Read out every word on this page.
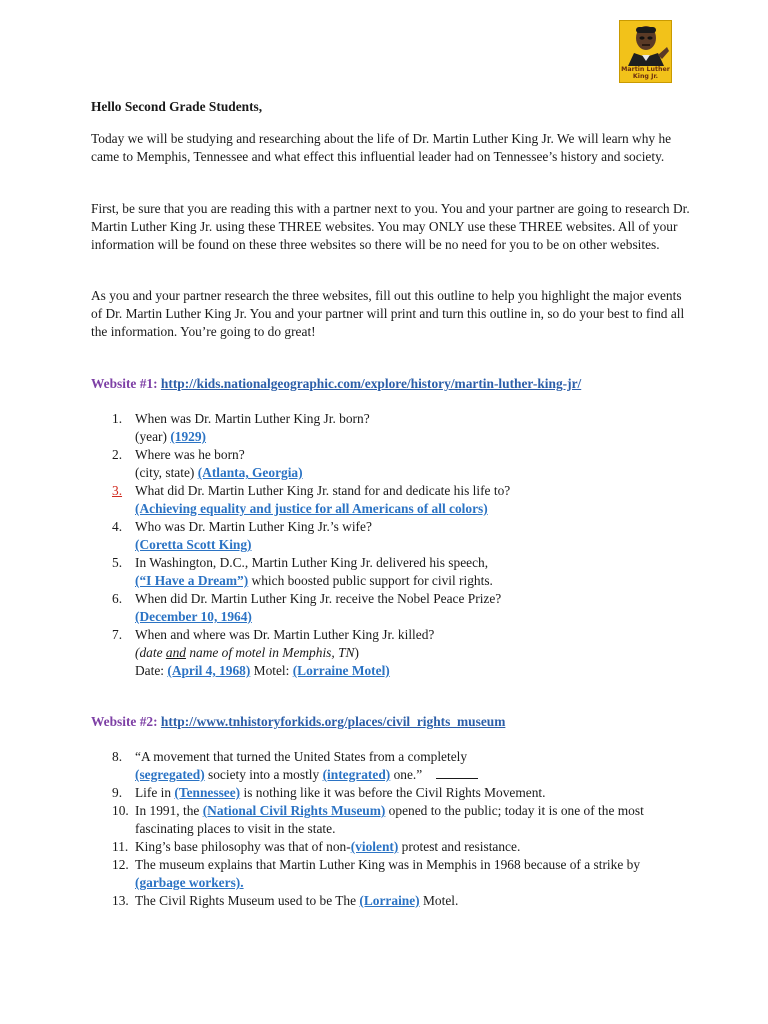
Martin Luther
King Jr.
Hello Second Grade Students,
Today we will be studying and researching about the life of Dr. Martin Luther King Jr. We will learn why he came to Memphis, Tennessee and what effect this influential leader had on Tennessee’s history and society.
First, be sure that you are reading this with a partner next to you. You and your partner are going to research Dr. Martin Luther King Jr. using these THREE websites. You may ONLY use these THREE websites. All of your information will be found on these three websites so there will be no need for you to be on other websites.
As you and your partner research the three websites, fill out this outline to help you highlight the major events of Dr. Martin Luther King Jr. You and your partner will print and turn this outline in, so do your best to find all the information. You’re going to do great!
Website #1: http://kids.nationalgeographic.com/explore/history/martin-luther-king-jr/
1. When was Dr. Martin Luther King Jr. born?
(year) (1929)
2. Where was he born?
(city, state) (Atlanta, Georgia)
3. What did Dr. Martin Luther King Jr. stand for and dedicate his life to?
(Achieving equality and justice for all Americans of all colors)
4. Who was Dr. Martin Luther King Jr.’s wife?
(Coretta Scott King)
5. In Washington, D.C., Martin Luther King Jr. delivered his speech,
(“I Have a Dream”) which boosted public support for civil rights.
6. When did Dr. Martin Luther King Jr. receive the Nobel Peace Prize?
(December 10, 1964)
7. When and where was Dr. Martin Luther King Jr. killed?
(date and name of motel in Memphis, TN)
Date: (April 4, 1968) Motel: (Lorraine Motel)
Website #2: http://www.tnhistoryforkids.org/places/civil_rights_museum
8. “A movement that turned the United States from a completely
(segregated) society into a mostly (integrated) one.”
9. Life in (Tennessee) is nothing like it was before the Civil Rights Movement.
10. In 1991, the (National Civil Rights Museum) opened to the public; today it is one of the most fascinating places to visit in the state.
11. King’s base philosophy was that of non-(violent) protest and resistance.
12. The museum explains that Martin Luther King was in Memphis in 1968 because of a strike by (garbage workers).
13. The Civil Rights Museum used to be The (Lorraine) Motel.
